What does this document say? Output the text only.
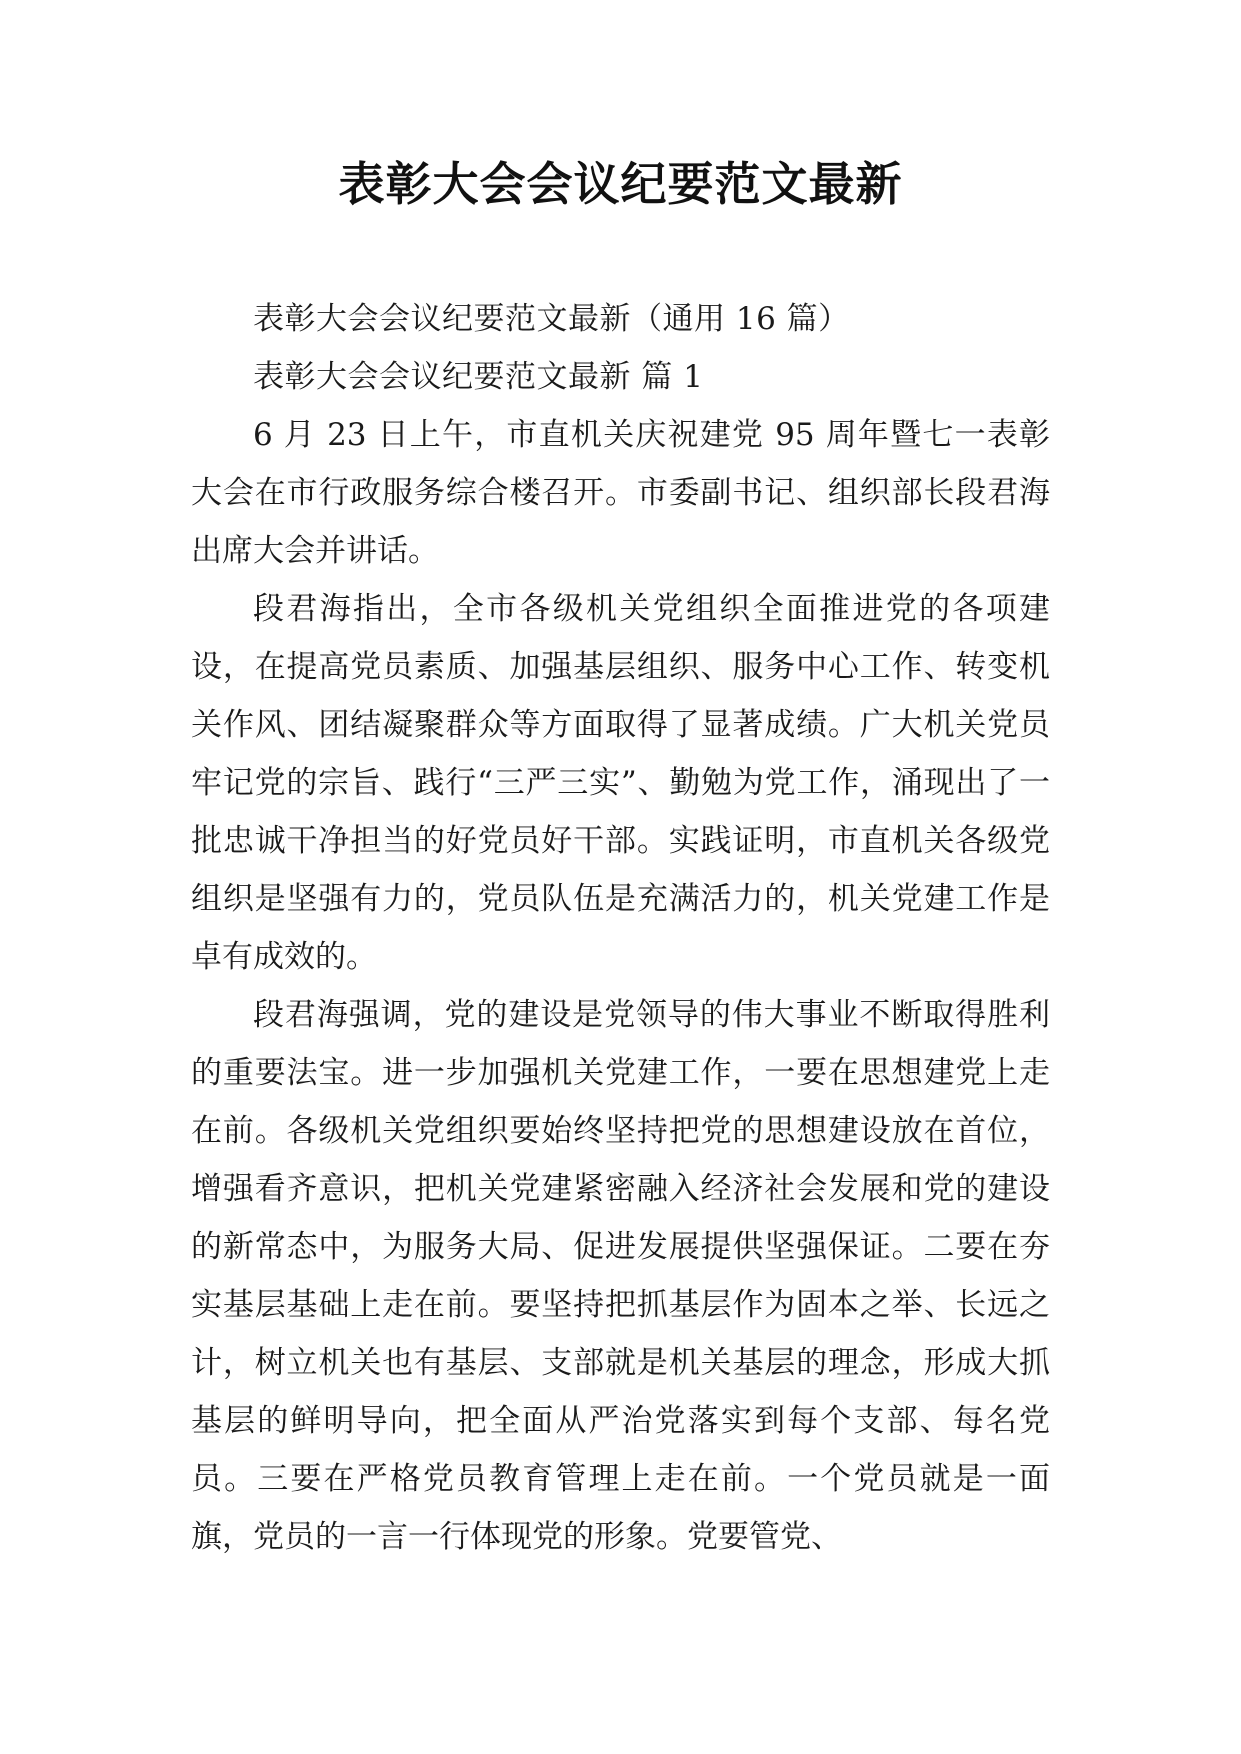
表彰大会会议纪要范文最新

表彰大会会议纪要范文最新（通用 16 篇）

表彰大会会议纪要范文最新 篇 1

6 月 23 日上午，市直机关庆祝建党 95 周年暨七一表彰大会在市行政服务综合楼召开。市委副书记、组织部长段君海出席大会并讲话。

段君海指出，全市各级机关党组织全面推进党的各项建设，在提高党员素质、加强基层组织、服务中心工作、转变机关作风、团结凝聚群众等方面取得了显著成绩。广大机关党员牢记党的宗旨、践行“三严三实”、勤勉为党工作，涌现出了一批忠诚干净担当的好党员好干部。实践证明，市直机关各级党组织是坚强有力的，党员队伍是充满活力的，机关党建工作是卓有成效的。

段君海强调，党的建设是党领导的伟大事业不断取得胜利的重要法宝。进一步加强机关党建工作，一要在思想建党上走在前。各级机关党组织要始终坚持把党的思想建设放在首位，增强看齐意识，把机关党建紧密融入经济社会发展和党的建设的新常态中，为服务大局、促进发展提供坚强保证。二要在夯实基层基础上走在前。要坚持把抓基层作为固本之举、长远之计，树立机关也有基层、支部就是机关基层的理念，形成大抓基层的鲜明导向，把全面从严治党落实到每个支部、每名党员。三要在严格党员教育管理上走在前。一个党员就是一面旗，党员的一言一行体现党的形象。党要管党、
